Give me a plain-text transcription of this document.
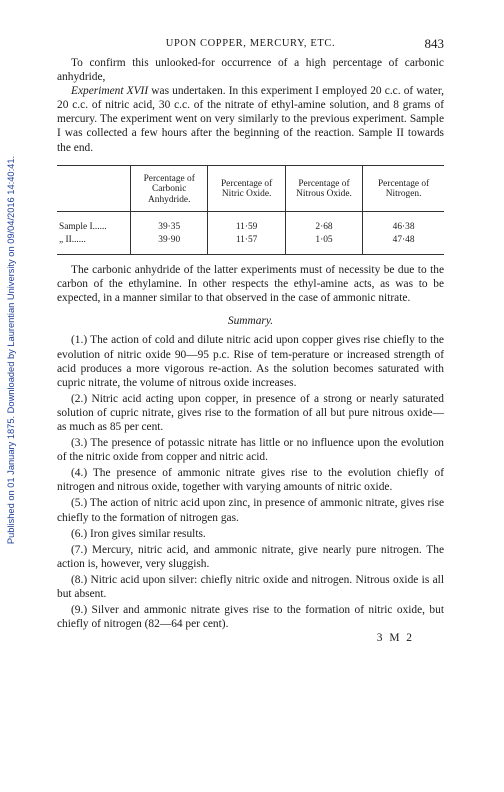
Published on 01 January 1875. Downloaded by Laurentian University on 09/04/2016 14:40:41.
UPON COPPER, MERCURY, ETC.	843

To confirm this unlooked-for occurrence of a high percentage of carbonic anhydride,

Experiment XVII was undertaken. In this experiment I employed 20 c.c. of water, 20 c.c. of nitric acid, 30 c.c. of the nitrate of ethyl-amine solution, and 8 grams of mercury. The experiment went on very similarly to the previous experiment. Sample I was collected a few hours after the beginning of the reaction. Sample II towards the end.

	Percentage of Carbonic Anhydride.	Percentage of Nitric Oxide.	Percentage of Nitrous Oxide.	Percentage of Nitrogen.
Sample I......	39·35	11·59	2·68	46·38
„ II......	39·90	11·57	1·05	47·48

The carbonic anhydride of the latter experiments must of necessity be due to the carbon of the ethylamine. In other respects the ethyl-amine acts, as was to be expected, in a manner similar to that observed in the case of ammonic nitrate.

Summary.

(1.) The action of cold and dilute nitric acid upon copper gives rise chiefly to the evolution of nitric oxide 90—95 p.c. Rise of tem-perature or increased strength of acid produces a more vigorous re-action. As the solution becomes saturated with cupric nitrate, the volume of nitrous oxide increases.

(2.) Nitric acid acting upon copper, in presence of a strong or nearly saturated solution of cupric nitrate, gives rise to the formation of all but pure nitrous oxide—as much as 85 per cent.

(3.) The presence of potassic nitrate has little or no influence upon the evolution of the nitric oxide from copper and nitric acid.

(4.) The presence of ammonic nitrate gives rise to the evolution chiefly of nitrogen and nitrous oxide, together with varying amounts of nitric oxide.

(5.) The action of nitric acid upon zinc, in presence of ammonic nitrate, gives rise chiefly to the formation of nitrogen gas.

(6.) Iron gives similar results.

(7.) Mercury, nitric acid, and ammonic nitrate, give nearly pure nitrogen. The action is, however, very sluggish.

(8.) Nitric acid upon silver: chiefly nitric oxide and nitrogen. Nitrous oxide is all but absent.

(9.) Silver and ammonic nitrate gives rise to the formation of nitric oxide, but chiefly of nitrogen (82—64 per cent).

3 M 2
